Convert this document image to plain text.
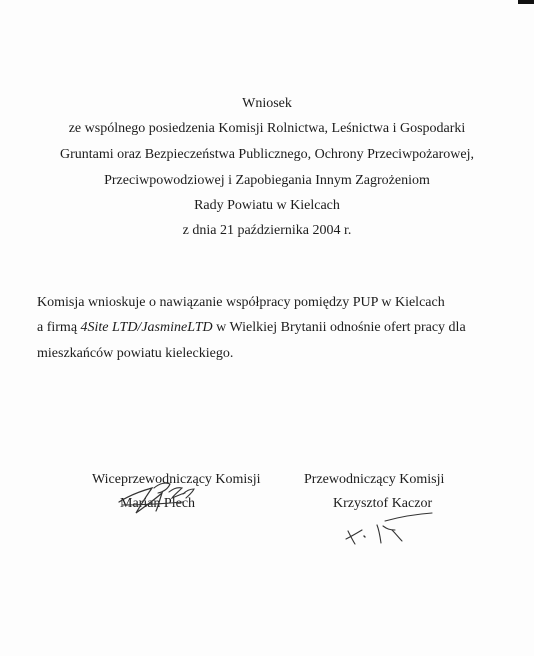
Wniosek
ze wspólnego posiedzenia Komisji Rolnictwa, Leśnictwa i Gospodarki
Gruntami oraz Bezpieczeństwa Publicznego, Ochrony Przeciwpożarowej,
Przeciwpowodziowej i Zapobiegania Innym Zagrożeniom
Rady Powiatu w Kielcach
z dnia 21 października 2004 r.
Komisja wnioskuje o nawiązanie współpracy pomiędzy PUP w Kielcach
a firmą 4Site LTD/JasmineLTD w Wielkiej Brytanii odnośnie ofert pracy dla
mieszkańców powiatu kieleckiego.
Wiceprzewodniczący Komisji
Marian Plech
Przewodniczący Komisji
Krzysztof Kaczor
